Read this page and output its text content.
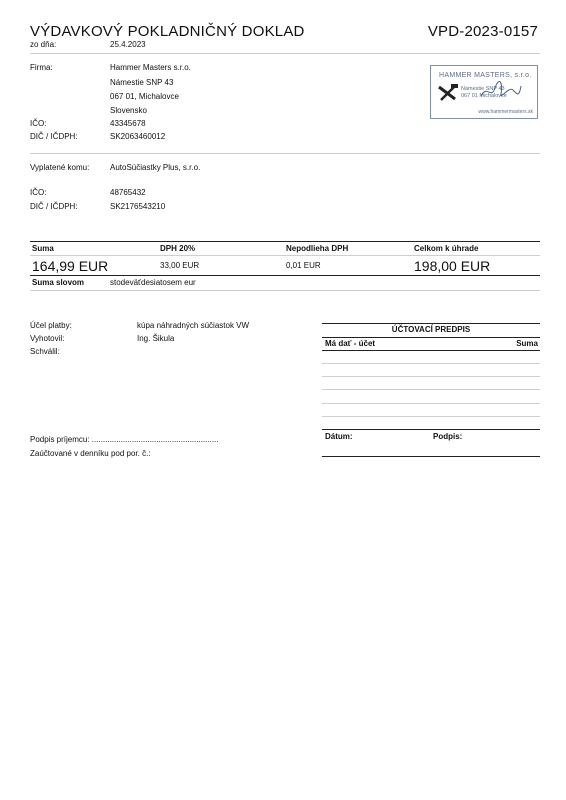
VÝDAVKOVÝ POKLADNIČNÝ DOKLAD	VPD-2023-0157
zo dňa:	25.4.2023
Firma:	Hammer Masters s.r.o.
Námestie SNP 43
067 01, Michalovce
Slovensko
IČO:	43345678
DIČ / IČDPH:	SK2063460012
HAMMER MASTERS, s.r.o.
Námestie SNP 43
067 01 Michalovce
www.hammermasters.sk
Vyplatené komu:	AutoSúčiastky Plus, s.r.o.
IČO:	48765432
DIČ / IČDPH:	SK2176543210
Suma	DPH 20%	Nepodlieha DPH	Celkom k úhrade
164,99 EUR	33,00 EUR	0,01 EUR	198,00 EUR
Suma slovom	stodeväťdesiatosem eur
Účel platby:	kúpa náhradných súčiastok VW
Vyhotovil:	Ing. Šikula
Schválil:
Podpis príjemcu: .........................................................
Zaúčtované v denníku pod por. č.:
ÚČTOVACÍ PREDPIS
Má dať - účet	Suma
Dátum:	Podpis:
